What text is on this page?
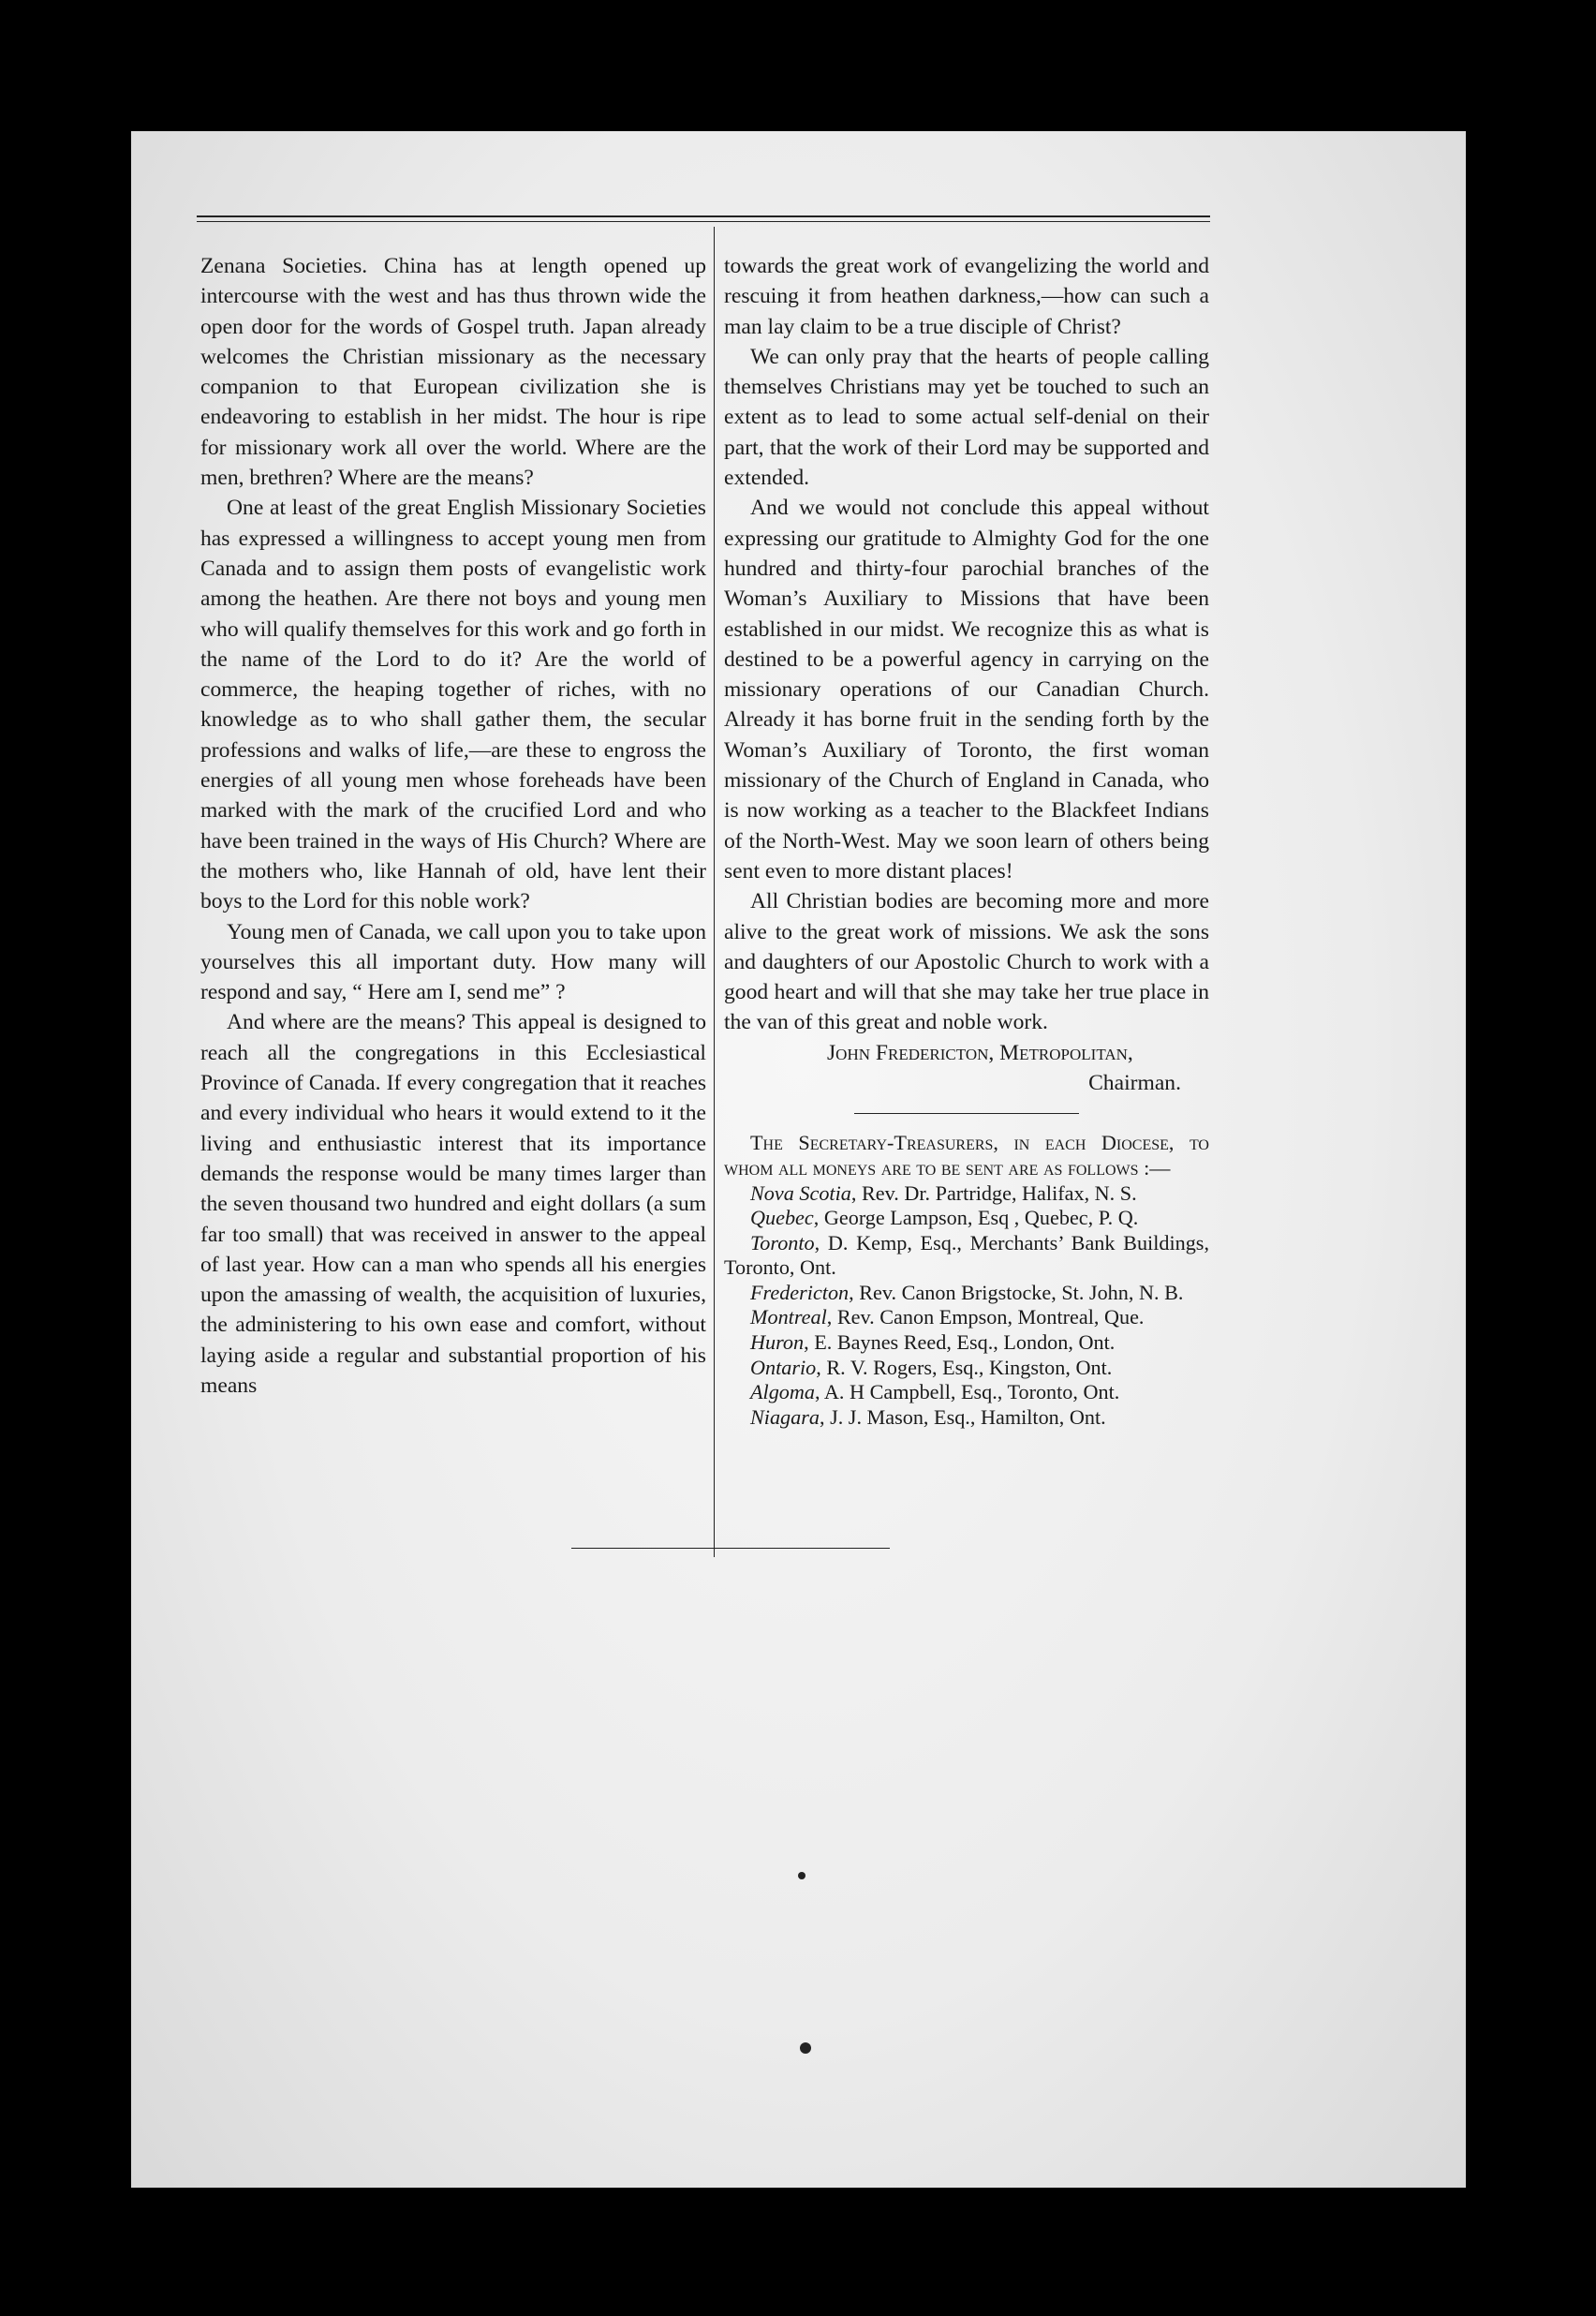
Zenana Societies. China has at length opened up intercourse with the west and has thus thrown wide the open door for the words of Gospel truth. Japan already welcomes the Christian missionary as the necessary companion to that European civilization she is endeavoring to establish in her midst. The hour is ripe for missionary work all over the world. Where are the men, brethren? Where are the means?

One at least of the great English Missionary Societies has expressed a willingness to accept young men from Canada and to assign them posts of evangelistic work among the heathen. Are there not boys and young men who will qualify themselves for this work and go forth in the name of the Lord to do it? Are the world of commerce, the heaping together of riches, with no knowledge as to who shall gather them, the secular professions and walks of life,—are these to engross the energies of all young men whose foreheads have been marked with the mark of the crucified Lord and who have been trained in the ways of His Church? Where are the mothers who, like Hannah of old, have lent their boys to the Lord for this noble work?

Young men of Canada, we call upon you to take upon yourselves this all important duty. How many will respond and say, “ Here am I, send me” ?

And where are the means? This appeal is designed to reach all the congregations in this Ecclesiastical Province of Canada. If every congregation that it reaches and every individual who hears it would extend to it the living and enthusiastic interest that its importance demands the response would be many times larger than the seven thousand two hundred and eight dollars (a sum far too small) that was received in answer to the appeal of last year. How can a man who spends all his energies upon the amassing of wealth, the acquisition of luxuries, the administering to his own ease and comfort, without laying aside a regular and substantial proportion of his means

towards the great work of evangelizing the world and rescuing it from heathen darkness,—how can such a man lay claim to be a true disciple of Christ?

We can only pray that the hearts of people calling themselves Christians may yet be touched to such an extent as to lead to some actual self-denial on their part, that the work of their Lord may be supported and extended.

And we would not conclude this appeal without expressing our gratitude to Almighty God for the one hundred and thirty-four parochial branches of the Woman’s Auxiliary to Missions that have been established in our midst. We recognize this as what is destined to be a powerful agency in carrying on the missionary operations of our Canadian Church. Already it has borne fruit in the sending forth by the Woman’s Auxiliary of Toronto, the first woman missionary of the Church of England in Canada, who is now working as a teacher to the Blackfeet Indians of the North-West. May we soon learn of others being sent even to more distant places!

All Christian bodies are becoming more and more alive to the great work of missions. We ask the sons and daughters of our Apostolic Church to work with a good heart and will that she may take her true place in the van of this great and noble work.

John Fredericton, Metropolitan,

Chairman.

The Secretary-Treasurers, in each Diocese, to whom all moneys are to be sent are as follows :—

Nova Scotia, Rev. Dr. Partridge, Halifax, N. S.

Quebec, George Lampson, Esq , Quebec, P. Q.

Toronto, D. Kemp, Esq., Merchants’ Bank Buildings, Toronto, Ont.

Fredericton, Rev. Canon Brigstocke, St. John, N. B.

Montreal, Rev. Canon Empson, Montreal, Que.

Huron, E. Baynes Reed, Esq., London, Ont.

Ontario, R. V. Rogers, Esq., Kingston, Ont.

Algoma, A. H Campbell, Esq., Toronto, Ont.

Niagara, J. J. Mason, Esq., Hamilton, Ont.
